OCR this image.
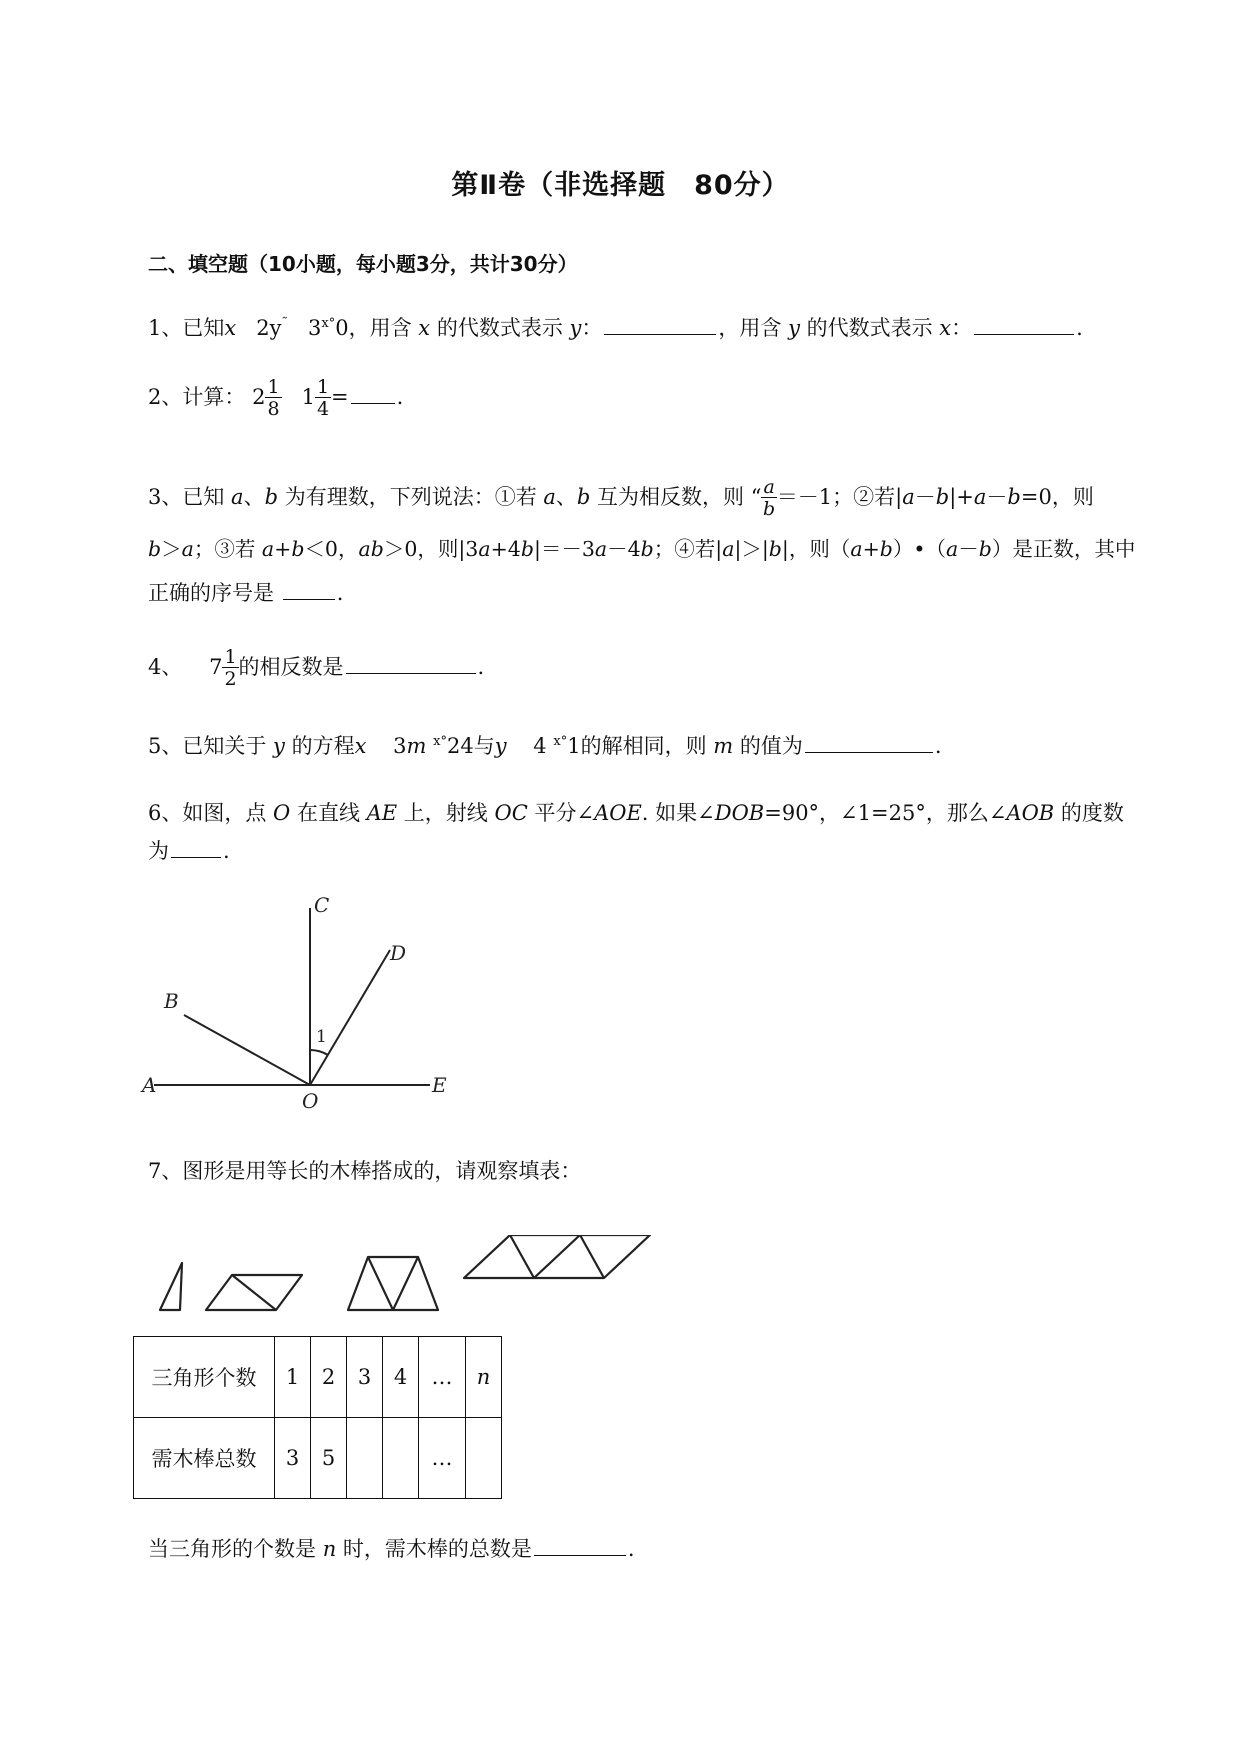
第Ⅱ卷（非选择题　80分）
二、填空题（10小题，每小题3分，共计30分）
1、已知x 2y˜ $3^{x^\circ}0$，用含 x 的代数式表示 y：	，用含 y 的代数式表示 x：	.
2、计算： $2 \frac{1}{8} 1 \frac{1}{4}$ = .
3、已知 a、b 为有理数，下列说法：①若 a、b 互为相反数，则 “ $\frac{a}{b} =-1$；②若|a－b|+a－b=0，则
b＞a；③若 a+b＜0，ab＞0，则|3a+4b|＝－3a－4b；④若|a|＞|b|，则（a+b）•（a－b）是正数，其中
正确的序号是	.
4、 $7 \frac{1}{2}$ 的相反数是	.
5、已知关于 y 的方程x 3m $^{x^\circ}$24与y 4 $^{x^\circ}$1的解相同，则 m 的值为	.
6、如图，点 O 在直线 AE 上，射线 OC 平分∠AOE. 如果∠DOB=90°，∠1=25°，那么∠AOB 的度数
为	.
A
B
C
D
E
O
1
7、图形是用等长的木棒搭成的，请观察填表：
三角形个数	1	2	3	4	…	n
需木棒总数	3	5			…	
当三角形的个数是 n 时，需木棒的总数是	.
